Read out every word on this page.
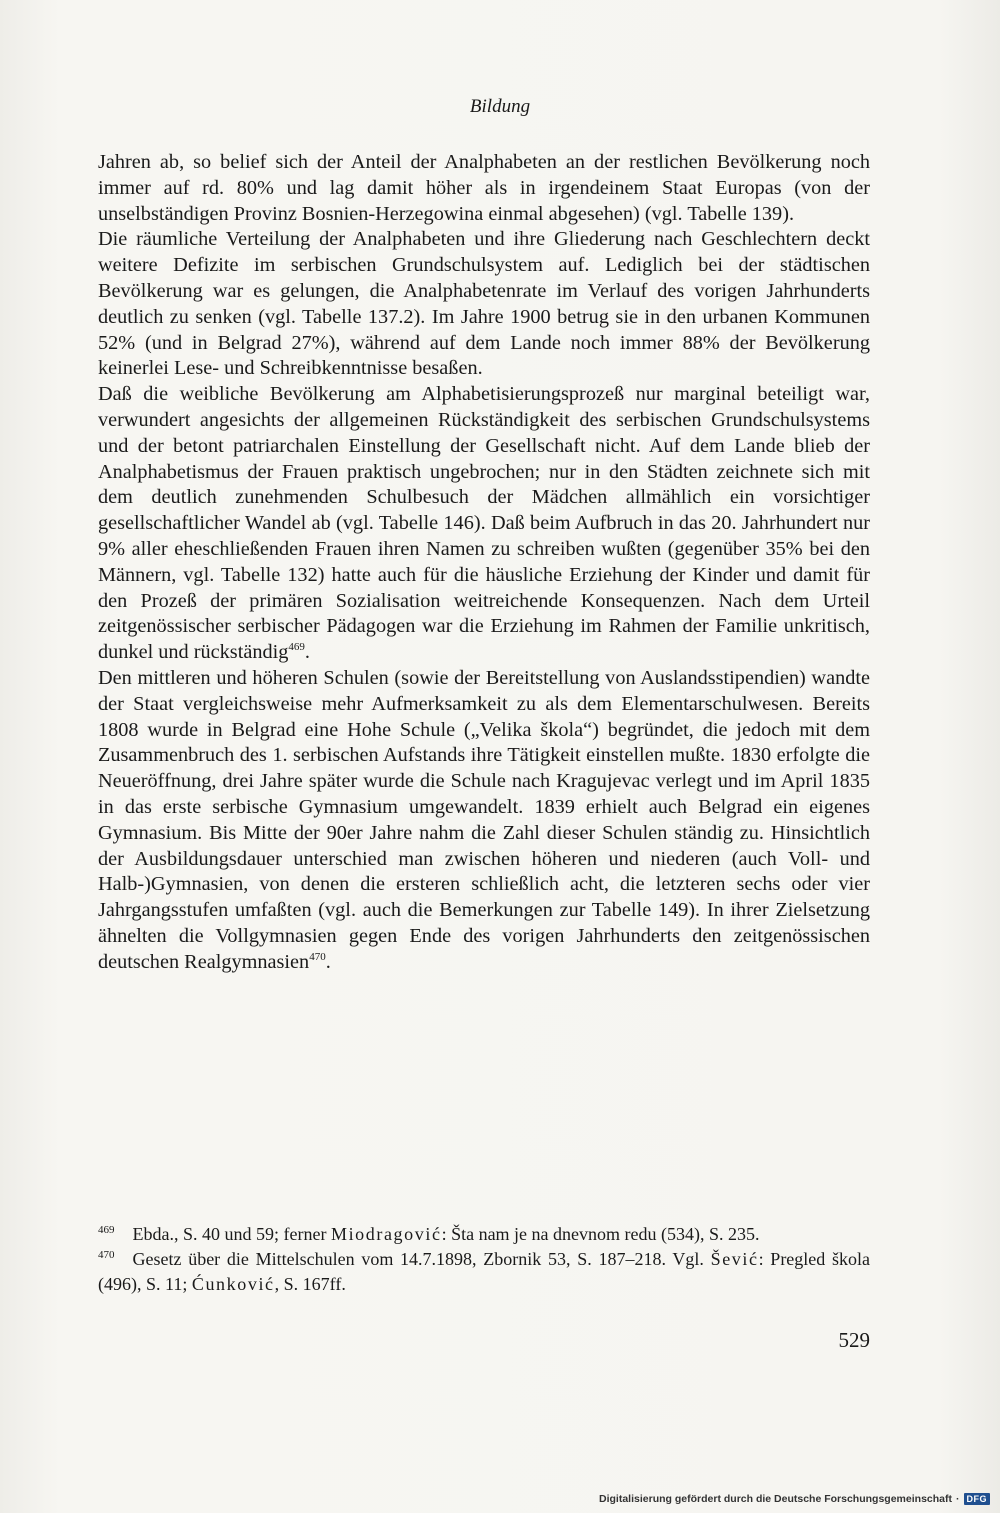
Bildung

Jahren ab, so belief sich der Anteil der Analphabeten an der restlichen Bevölkerung noch immer auf rd. 80% und lag damit höher als in irgendeinem Staat Europas (von der unselbständigen Provinz Bosnien-Herzegowina einmal abgesehen) (vgl. Tabelle 139).

Die räumliche Verteilung der Analphabeten und ihre Gliederung nach Geschlechtern deckt weitere Defizite im serbischen Grundschulsystem auf. Lediglich bei der städtischen Bevölkerung war es gelungen, die Analphabetenrate im Verlauf des vorigen Jahrhunderts deutlich zu senken (vgl. Tabelle 137.2). Im Jahre 1900 betrug sie in den urbanen Kommunen 52% (und in Belgrad 27%), während auf dem Lande noch immer 88% der Bevölkerung keinerlei Lese- und Schreibkenntnisse besaßen.

Daß die weibliche Bevölkerung am Alphabetisierungsprozeß nur marginal beteiligt war, verwundert angesichts der allgemeinen Rückständigkeit des serbischen Grundschulsystems und der betont patriarchalen Einstellung der Gesellschaft nicht. Auf dem Lande blieb der Analphabetismus der Frauen praktisch ungebrochen; nur in den Städten zeichnete sich mit dem deutlich zunehmenden Schulbesuch der Mädchen allmählich ein vorsichtiger gesellschaftlicher Wandel ab (vgl. Tabelle 146). Daß beim Aufbruch in das 20. Jahrhundert nur 9% aller eheschließenden Frauen ihren Namen zu schreiben wußten (gegenüber 35% bei den Männern, vgl. Tabelle 132) hatte auch für die häusliche Erziehung der Kinder und damit für den Prozeß der primären Sozialisation weitreichende Konsequenzen. Nach dem Urteil zeitgenössischer serbischer Pädagogen war die Erziehung im Rahmen der Familie unkritisch, dunkel und rückständig$^{469}$.

Den mittleren und höheren Schulen (sowie der Bereitstellung von Auslandsstipendien) wandte der Staat vergleichsweise mehr Aufmerksamkeit zu als dem Elementarschulwesen. Bereits 1808 wurde in Belgrad eine Hohe Schule („Velika škola“) begründet, die jedoch mit dem Zusammenbruch des 1. serbischen Aufstands ihre Tätigkeit einstellen mußte. 1830 erfolgte die Neueröffnung, drei Jahre später wurde die Schule nach Kragujevac verlegt und im April 1835 in das erste serbische Gymnasium umgewandelt. 1839 erhielt auch Belgrad ein eigenes Gymnasium. Bis Mitte der 90er Jahre nahm die Zahl dieser Schulen ständig zu. Hinsichtlich der Ausbildungsdauer unterschied man zwischen höheren und niederen (auch Voll- und Halb-)Gymnasien, von denen die ersteren schließlich acht, die letzteren sechs oder vier Jahrgangsstufen umfaßten (vgl. auch die Bemerkungen zur Tabelle 149). In ihrer Zielsetzung ähnelten die Vollgymnasien gegen Ende des vorigen Jahrhunderts den zeitgenössischen deutschen Realgymnasien$^{470}$.

$^{469}$ Ebda., S. 40 und 59; ferner Miodragović: Šta nam je na dnevnom redu (534), S. 235.

$^{470}$ Gesetz über die Mittelschulen vom 14.7.1898, Zbornik 53, S. 187–218. Vgl. Šević: Pregled škola (496), S. 11; Ćunković, S. 167ff.

529
Digitalisierung gefördert durch die Deutsche Forschungsgemeinschaft · DFG
